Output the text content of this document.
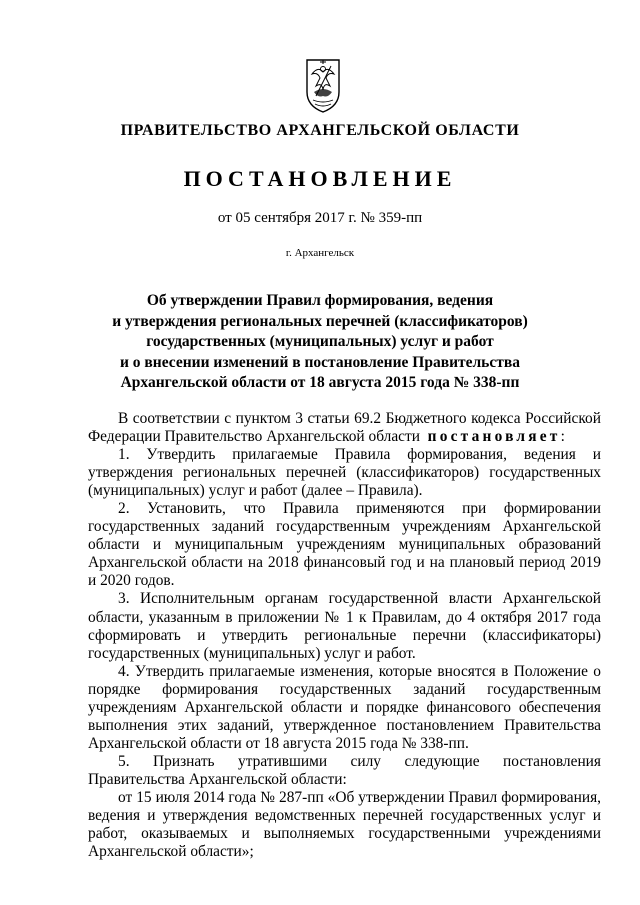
ПРАВИТЕЛЬСТВО АРХАНГЕЛЬСКОЙ ОБЛАСТИ
ПОСТАНОВЛЕНИЕ
от 05 сентября 2017 г. № 359-пп
г. Архангельск
Об утверждении Правил формирования, ведения
и утверждения региональных перечней (классификаторов)
государственных (муниципальных) услуг и работ
и о внесении изменений в постановление Правительства
Архангельской области от 18 августа 2015 года № 338-пп

В соответствии с пунктом 3 статьи 69.2 Бюджетного кодекса Российской Федерации Правительство Архангельской области постановляет:

1. Утвердить прилагаемые Правила формирования, ведения и утверждения региональных перечней (классификаторов) государственных (муниципальных) услуг и работ (далее – Правила).

2. Установить, что Правила применяются при формировании государственных заданий государственным учреждениям Архангельской области и муниципальным учреждениям муниципальных образований Архангельской области на 2018 финансовый год и на плановый период 2019 и 2020 годов.

3. Исполнительным органам государственной власти Архангельской области, указанным в приложении № 1 к Правилам, до 4 октября 2017 года сформировать и утвердить региональные перечни (классификаторы) государственных (муниципальных) услуг и работ.

4. Утвердить прилагаемые изменения, которые вносятся в Положение о порядке формирования государственных заданий государственным учреждениям Архангельской области и порядке финансового обеспечения выполнения этих заданий, утвержденное постановлением Правительства Архангельской области от 18 августа 2015 года № 338-пп.

5. Признать утратившими силу следующие постановления Правительства Архангельской области:

от 15 июля 2014 года № 287-пп «Об утверждении Правил формирования, ведения и утверждения ведомственных перечней государственных услуг и работ, оказываемых и выполняемых государственными учреждениями Архангельской области»;
